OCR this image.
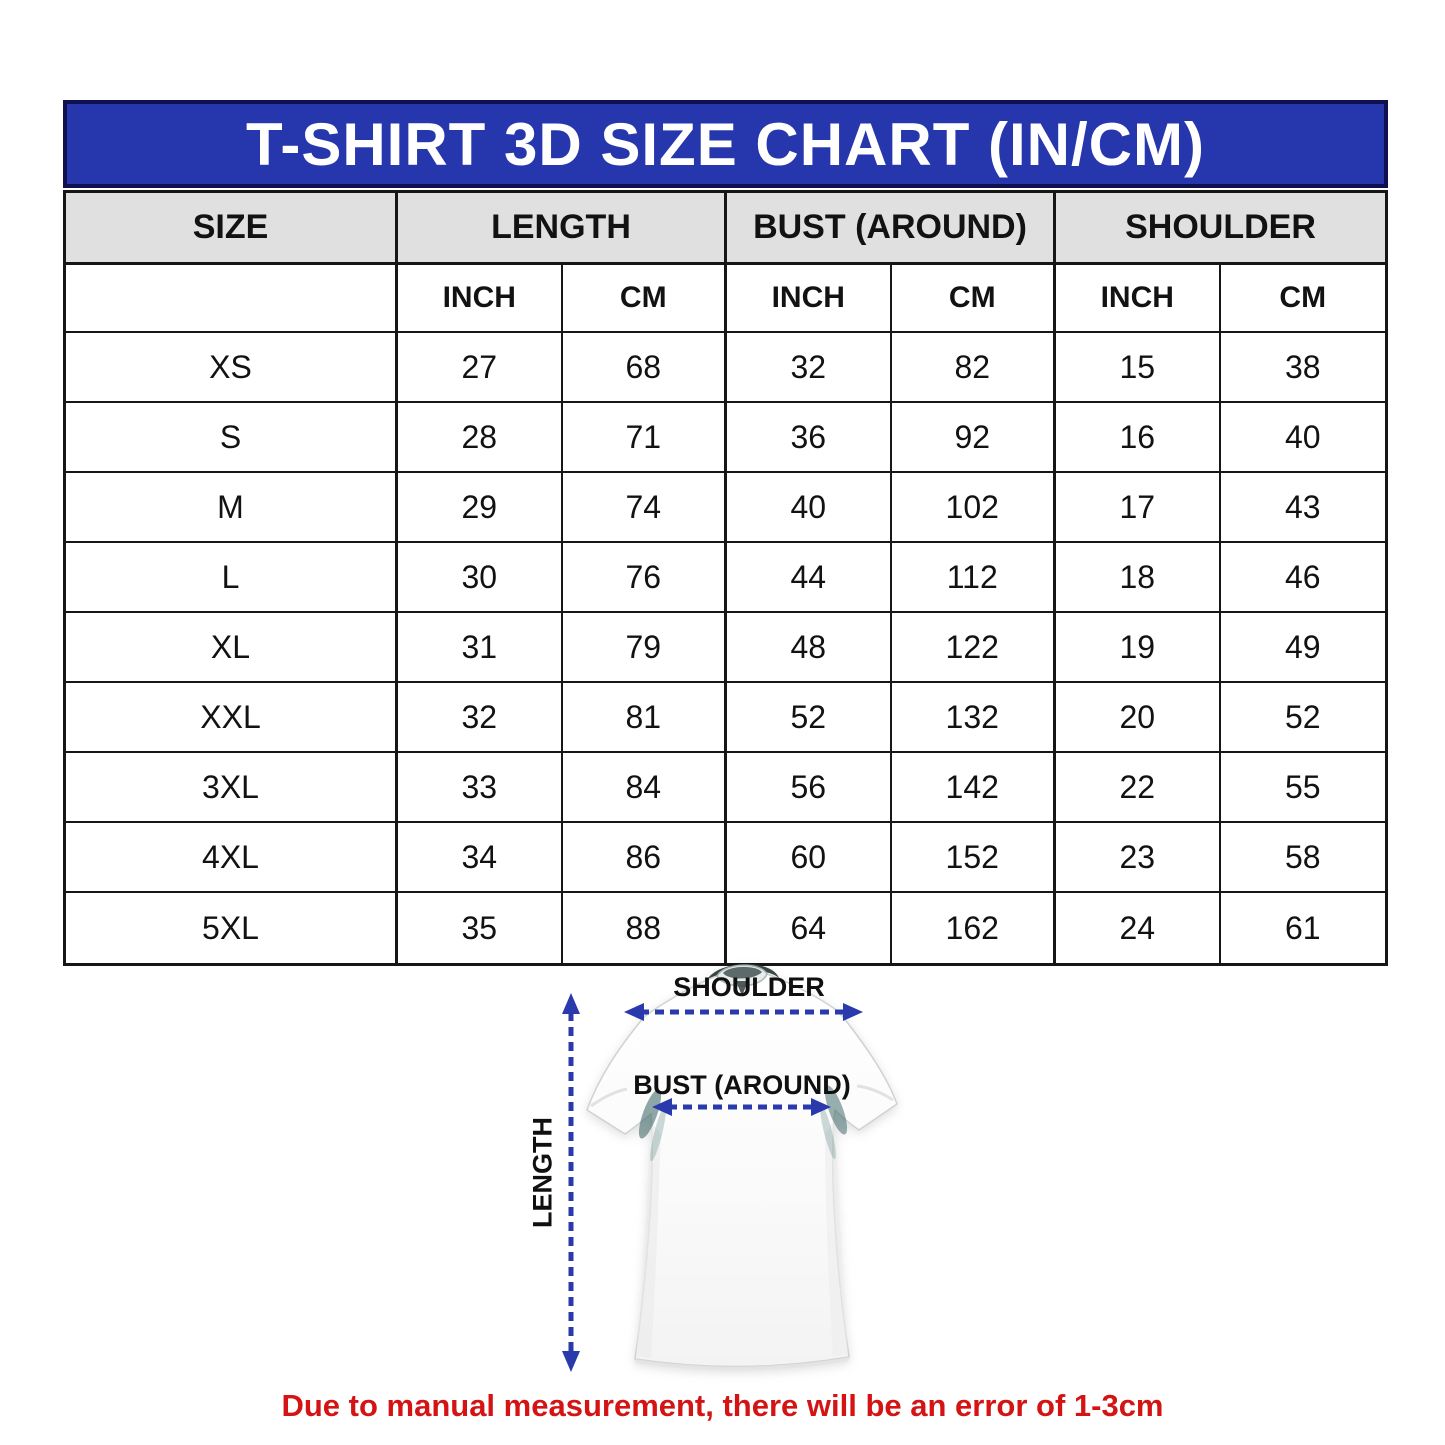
T-SHIRT 3D SIZE CHART (IN/CM)
SIZE	LENGTH	BUST (AROUND)	SHOULDER
INCH	CM	INCH	CM	INCH	CM
XS	27	68	32	82	15	38
S	28	71	36	92	16	40
M	29	74	40	102	17	43
L	30	76	44	112	18	46
XL	31	79	48	122	19	49
XXL	32	81	52	132	20	52
3XL	33	84	56	142	22	55
4XL	34	86	60	152	23	58
5XL	35	88	64	162	24	61
SHOULDER
BUST (AROUND)
LENGTH
Due to manual measurement, there will be an error of 1-3cm
